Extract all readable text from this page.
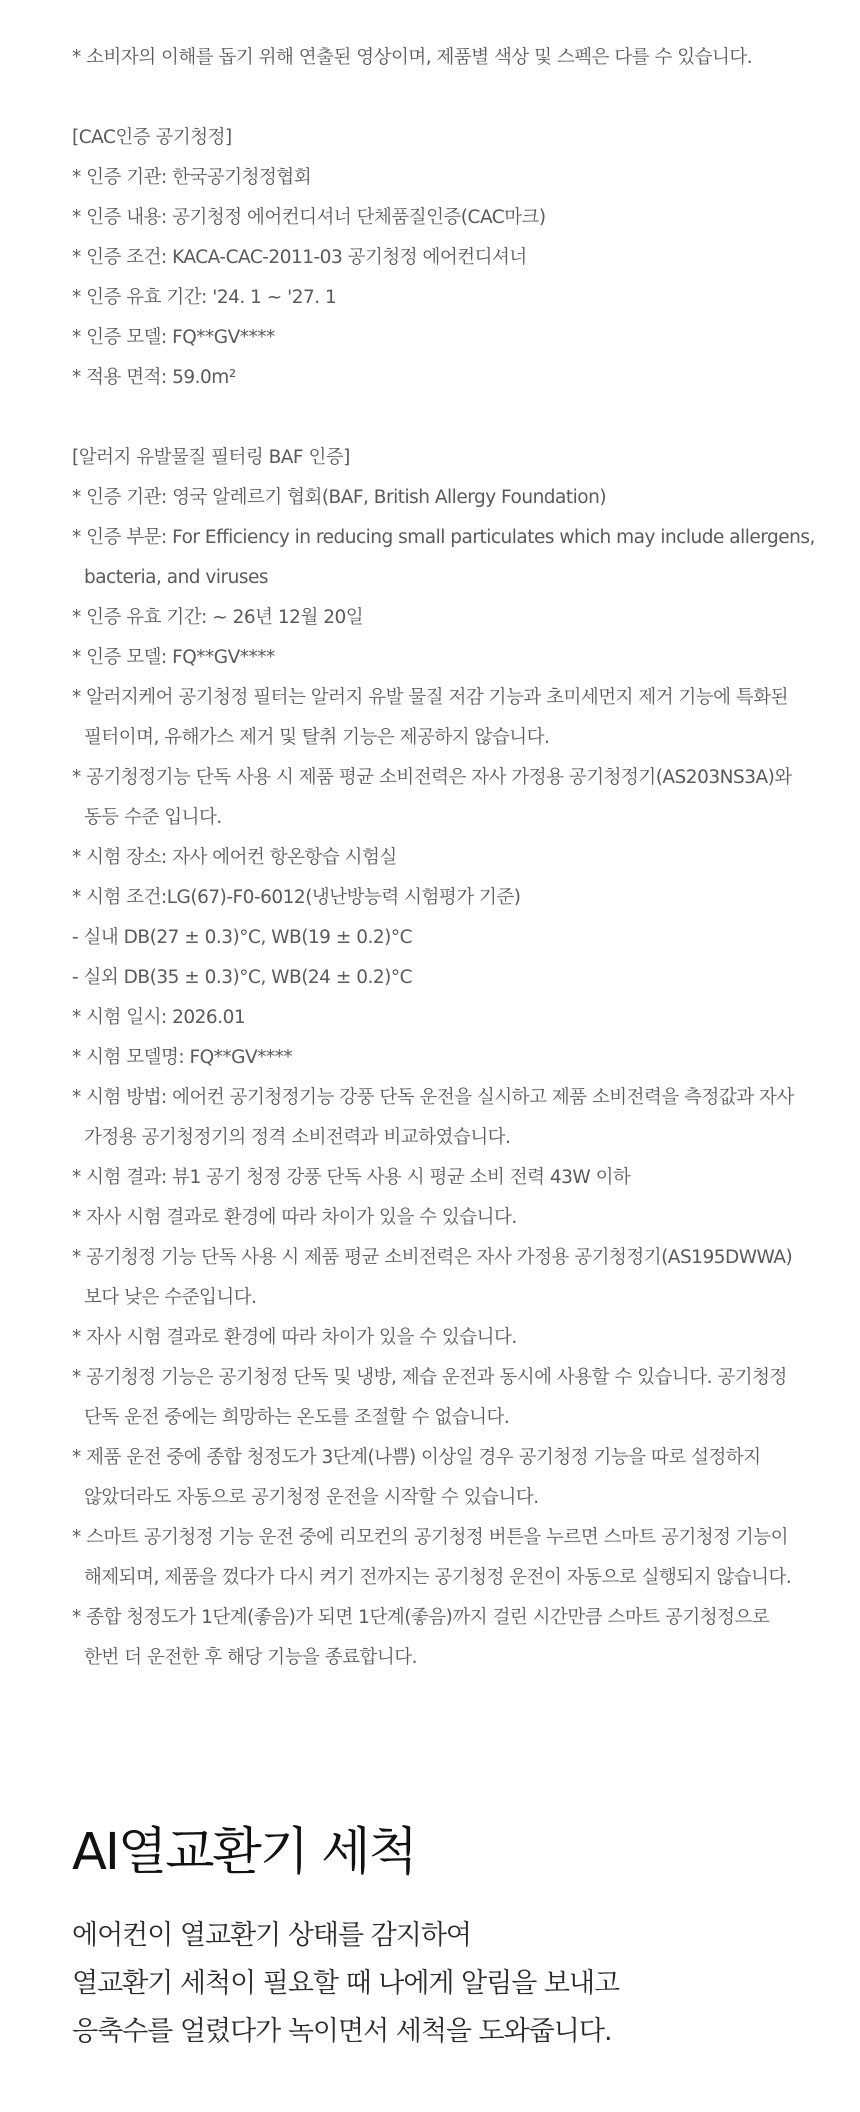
* 소비자의 이해를 돕기 위해 연출된 영상이며, 제품별 색상 및 스펙은 다를 수 있습니다.
[CAC인증 공기청정]
* 인증 기관: 한국공기청정협회
* 인증 내용: 공기청정 에어컨디셔너 단체품질인증(CAC마크)
* 인증 조건: KACA-CAC-2011-03 공기청정 에어컨디셔너
* 인증 유효 기간: '24. 1 ~ '27. 1
* 인증 모델: FQ**GV****
* 적용 면적: 59.0m²
[알러지 유발물질 필터링 BAF 인증]
* 인증 기관: 영국 알레르기 협회(BAF, British Allergy Foundation)
* 인증 부문: For Efficiency in reducing small particulates which may include allergens,
bacteria, and viruses
* 인증 유효 기간: ~ 26년 12월 20일
* 인증 모델: FQ**GV****
* 알러지케어 공기청정 필터는 알러지 유발 물질 저감 기능과 초미세먼지 제거 기능에 특화된
필터이며, 유해가스 제거 및 탈취 기능은 제공하지 않습니다.
* 공기청정기능 단독 사용 시 제품 평균 소비전력은 자사 가정용 공기청정기(AS203NS3A)와
동등 수준 입니다.
* 시험 장소: 자사 에어컨 항온항습 시험실
* 시험 조건:LG(67)-F0-6012(냉난방능력 시험평가 기준)
- 실내 DB(27 ± 0.3)°C, WB(19 ± 0.2)°C
- 실외 DB(35 ± 0.3)°C, WB(24 ± 0.2)°C
* 시험 일시: 2026.01
* 시험 모델명: FQ**GV****
* 시험 방법: 에어컨 공기청정기능 강풍 단독 운전을 실시하고 제품 소비전력을 측정값과 자사
가정용 공기청정기의 정격 소비전력과 비교하였습니다.
* 시험 결과: 뷰1 공기 청정 강풍 단독 사용 시 평균 소비 전력 43W 이하
* 자사 시험 결과로 환경에 따라 차이가 있을 수 있습니다.
* 공기청정 기능 단독 사용 시 제품 평균 소비전력은 자사 가정용 공기청정기(AS195DWWA)
보다 낮은 수준입니다.
* 자사 시험 결과로 환경에 따라 차이가 있을 수 있습니다.
* 공기청정 기능은 공기청정 단독 및 냉방, 제습 운전과 동시에 사용할 수 있습니다. 공기청정
단독 운전 중에는 희망하는 온도를 조절할 수 없습니다.
* 제품 운전 중에 종합 청정도가 3단계(나쁨) 이상일 경우 공기청정 기능을 따로 설정하지
않았더라도 자동으로 공기청정 운전을 시작할 수 있습니다.
* 스마트 공기청정 기능 운전 중에 리모컨의 공기청정 버튼을 누르면 스마트 공기청정 기능이
해제되며, 제품을 껐다가 다시 켜기 전까지는 공기청정 운전이 자동으로 실행되지 않습니다.
* 종합 청정도가 1단계(좋음)가 되면 1단계(좋음)까지 걸린 시간만큼 스마트 공기청정으로
한번 더 운전한 후 해당 기능을 종료합니다.
AI열교환기 세척
에어컨이 열교환기 상태를 감지하여
열교환기 세척이 필요할 때 나에게 알림을 보내고
응축수를 얼렸다가 녹이면서 세척을 도와줍니다.
